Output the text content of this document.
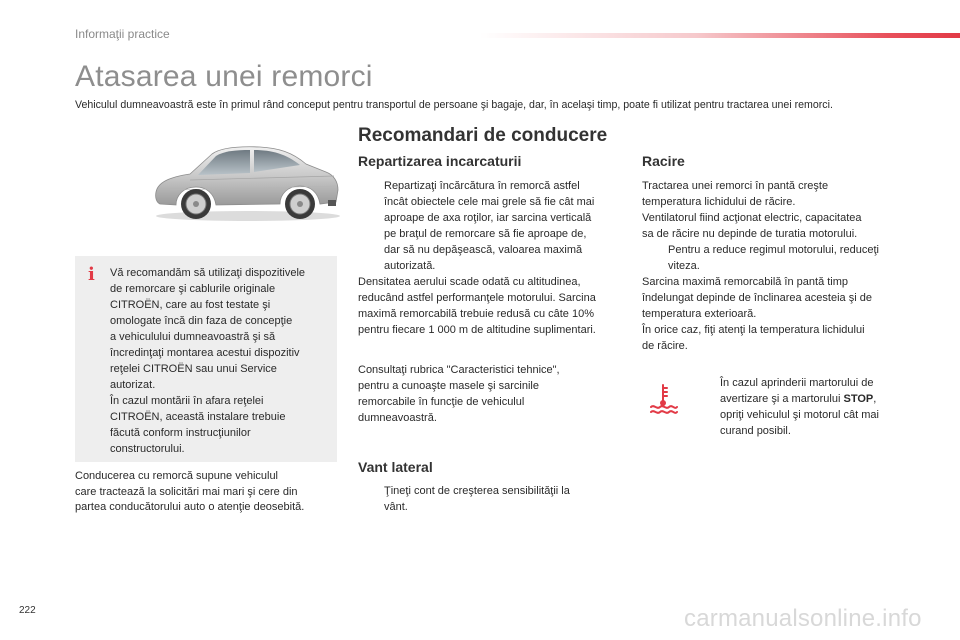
Informaţii practice
Atasarea unei remorci
Vehiculul dumneavoastră este în primul rând conceput pentru transportul de persoane şi bagaje, dar, în acelaşi timp, poate fi utilizat pentru tractarea unei remorci.
i Vă recomandăm să utilizaţi dispozitivele
de remorcare şi cablurile originale
CITROËN, care au fost testate şi
omologate încă din faza de concepţie
a vehiculului dumneavoastră şi să
încredinţaţi montarea acestui dispozitiv
reţelei CITROËN sau unui Service
autorizat.
În cazul montării în afara reţelei
CITROËN, această instalare trebuie
făcută conform instrucţiunilor
constructorului.
Conducerea cu remorcă supune vehiculul
care tractează la solicitări mai mari şi cere din
partea conducătorului auto o atenţie deosebită.
Recomandari de conducere
Repartizarea incarcaturii
Repartizaţi încărcătura în remorcă astfel
încât obiectele cele mai grele să fie cât mai
aproape de axa roţilor, iar sarcina verticală
pe braţul de remorcare să fie aproape de,
dar să nu depăşească, valoarea maximă
autorizată.
Densitatea aerului scade odată cu altitudinea,
reducând astfel performanţele motorului. Sarcina
maximă remorcabilă trebuie redusă cu câte 10%
pentru fiecare 1 000 m de altitudine suplimentari.
Consultaţi rubrica "Caracteristici tehnice",
pentru a cunoaşte masele şi sarcinile
remorcabile în funcţie de vehiculul
dumneavoastră.
Vant lateral
Ţineţi cont de creşterea sensibilităţii la
vânt.
Racire
Tractarea unei remorci în pantă creşte
temperatura lichidului de răcire.
Ventilatorul fiind acţionat electric, capacitatea
sa de răcire nu depinde de turatia motorului.
Pentru a reduce regimul motorului, reduceţi
viteza.
Sarcina maximă remorcabilă în pantă timp
îndelungat depinde de înclinarea acesteia şi de
temperatura exterioară.
În orice caz, fiţi atenţi la temperatura lichidului
de răcire.
În cazul aprinderii martorului de
avertizare şi a martorului STOP,
opriţi vehiculul şi motorul cât mai
curand posibil.
222	carmanualsonline.info
